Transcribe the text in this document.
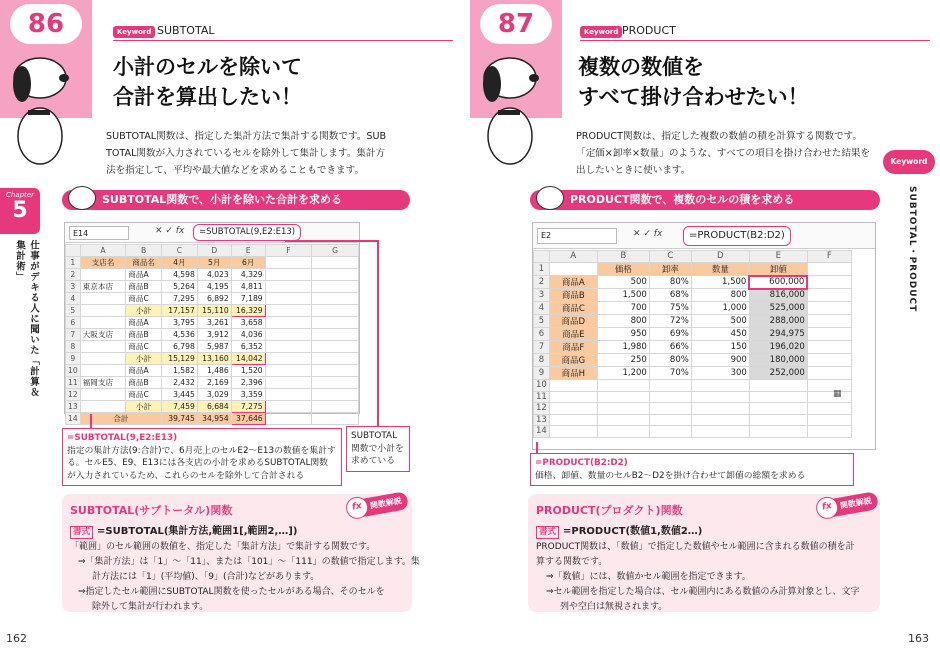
86	Keyword SUBTOTAL
小計のセルを除いて
合計を算出したい！
SUBTOTAL関数は、指定した集計方法で集計する関数です。SUB
TOTAL関数が入力されているセルを除外して集計します。集計方
法を指定して、平均や最大値などを求めることもできます。
Chapter
5
仕事がデキる人に聞いた「計算＆集計術」
SUBTOTAL関数で、小計を除いた合計を求める
E14	✕ ✓ fx	=SUBTOTAL(9,E2:E13)
	A	B	C	D	E	F	G
1	支店名	商品名	4月	5月	6月		
2		商品A	4,598	4,023	4,329		
3	東京本店	商品B	5,264	4,195	4,811		
4		商品C	7,295	6,892	7,189		
5		小計	17,157	15,110	16,329		
6		商品A	3,795	3,261	3,658		
7	大阪支店	商品B	4,536	3,912	4,036		
8		商品C	6,798	5,987	6,352		
9		小計	15,129	13,160	14,042		
10		商品A	1,582	1,486	1,520		
11	福岡支店	商品B	2,432	2,169	2,396		
12		商品C	3,445	3,029	3,359		
13		小計	7,459	6,684	7,275		
14	合計		39,745	34,954	37,646		
=SUBTOTAL(9,E2:E13)
指定の集計方法(9:合計)で、6月売上のセルE2～E13の数値を集計す
る。セルE5、E9、E13には各支店の小計を求めるSUBTOTAL関数
が入力されているため、これらのセルを除外して合計される
SUBTOTAL
関数で小計を
求めている
SUBTOTAL(サブトータル)関数	fx 関数解説
書式 =SUBTOTAL(集計方法,範囲1[,範囲2,…])
「範囲」のセル範囲の数値を、指定した「集計方法」で集計する関数です。
⇒「集計方法」は「1」～「11」、または「101」～「111」の数値で指定します。集
計方法には「1」(平均値)、「9」(合計)などがあります。
⇒指定したセル範囲にSUBTOTAL関数を使ったセルがある場合、そのセルを
除外して集計が行われます。
162
87	Keyword PRODUCT
複数の数値を
すべて掛け合わせたい！
PRODUCT関数は、指定した複数の数値の積を計算する関数です。
「定価×卸率×数量」のような、すべての項目を掛け合わせた結果を
出したいときに使います。
PRODUCT関数で、複数のセルの積を求める
E2	✕ ✓ fx	=PRODUCT(B2:D2)
	A	B	C	D	E	F
1		価格	卸率	数量	卸値	
2	商品A	500	80%	1,500	600,000	
3	商品B	1,500	68%	800	816,000	
4	商品C	700	75%	1,000	525,000	
5	商品D	800	72%	500	288,000	
6	商品E	950	69%	450	294,975	
7	商品F	1,980	66%	150	196,020	
8	商品G	250	80%	900	180,000	
9	商品H	1,200	70%	300	252,000	
10						
11						
12						
13						
14						
▦
=PRODUCT(B2:D2)
価格、卸値、数量のセルB2～D2を掛け合わせて卸値の総額を求める
PRODUCT(プロダクト)関数	fx 関数解説
書式 =PRODUCT(数値1,数値2…)
PRODUCT関数は、「数値」で指定した数値やセル範囲に含まれる数値の積を計
算する関数です。
⇒「数値」には、数値かセル範囲を指定できます。
⇒セル範囲を指定した場合は、セル範囲内にある数値のみ計算対象とし、文字
列や空白は無視されます。
163
Keyword
SUBTOTAL・PRODUCT
